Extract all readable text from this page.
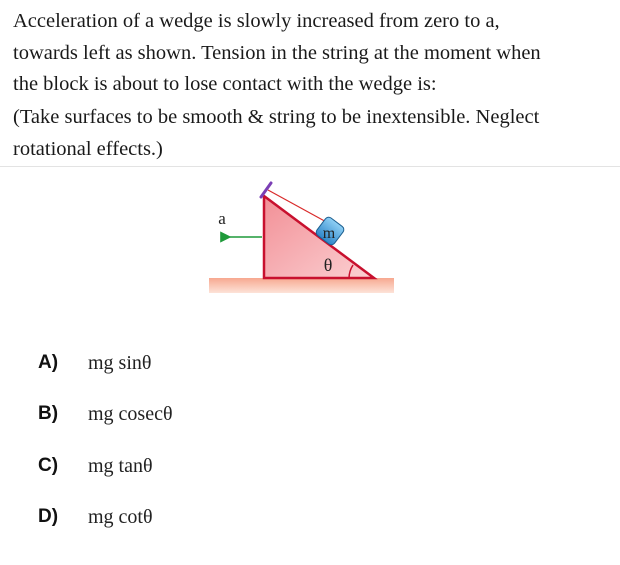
Acceleration of a wedge is slowly increased from zero to a,
towards left as shown. Tension in the string at the moment when
the block is about to lose contact with the wedge is:
(Take surfaces to be smooth & string to be inextensible. Neglect
rotational effects.)
m
a
θ
A)	mg sinθ
B)	mg cosecθ
C)	mg tanθ
D)	mg cotθ
